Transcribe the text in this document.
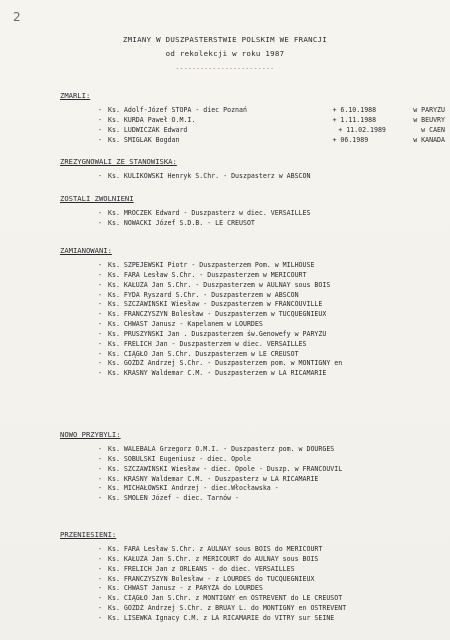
2
ZMIANY W DUSZPASTERSTWIE POLSKIM WE FRANCJI
od rekolekcji w roku 1987
------------------------
ZMARLI:
- Ks. Adolf-Józef STOPA - diec Poznań	+ 6.10.1988	w PARYŻU
- Ks. KURDA Paweł O.M.I.	+ 1.11.1988	w BEUVRY
- Ks. LUDWICZAK Edward	+ 11.02.1989	w CAEN
- Ks. ŚMIGLAK Bogdan	+ 06.1989	w KANADA
ZREZYGNOWALI ZE STANOWISKA:
- Ks. KULIKOWSKI Henryk S.Chr. - Duszpasterz w ABSCON
ZOSTALI ZWOLNIENI
- Ks. MROCZEK Edward - Duszpasterz w diec. VERSAILLES
- Ks. NOWACKI Józef S.D.B. - LE CREUSOT
ZAMIANOWANI:
- Ks. SZPEJEWSKI Piotr - Duszpasterzem Pom. w MILHOUSE
- Ks. FARA Lesław S.Chr. - Duszpasterzem w MERICOURT
- Ks. KAŁUŻA Jan S.Chr. - Duszpasterzem w AULNAY sous BOIS
- Ks. FYDA Ryszard S.Chr. - Duszpasterzem w ABSCON
- Ks. SZCZAWIŃSKI Wiesław - Duszpasterzem w FRANCOUVILLE
- Ks. FRANCZYSZYN Bolesław - Duszpasterzem w TUCQUEGNIEUX
- Ks. CHWAST Janusz - Kapelanem w LOURDES
- Ks. PRUSZYŃSKI Jan . Duszpasterzem św.Genowefy w PARYŻU
- Ks. FRELICH Jan - Duszpasterzem w diec. VERSAILLES
- Ks. CIĄGŁO Jan S.Chr. Duszpasterzem w LE CREUSOT
- Ks. GOŹDŹ Andrzej S.Chr. - Duszpasterzem pom. w MONTIGNY en
- Ks. KRASNY Waldemar C.M. - Duszpasterzem w LA RICAMARIE
NOWO PRZYBYLI:
- Ks. WALEBALA Grzegorz O.M.I. - Duszpasterz pom. w DOURGES
- Ks. SOBULSKI Eugeniusz - diec. Opole
- Ks. SZCZAWIŃSKI Wiesław - diec. Opole - Duszp. w FRANCOUVIL
- Ks. KRASNY Waldemar C.M. - Duszpasterz w LA RICAMARIE
- Ks. MICHAŁOWSKI Andrzej - diec.Włocławska -
- Ks. SMOLEŃ Józef - diec. Tarnów -
PRZENIESIENI:
- Ks. FARA Lesław S.Chr. z AULNAY sous BOIS do MERICOURT
- Ks. KAŁUŻA Jan S.Chr. z MERICOURT do AULNAY sous BOIS
- Ks. FRELICH Jan z ORLEANS - do diec. VERSAILLES
- Ks. FRANCZYSZYN Bolesław - z LOURDES do TUCQUEGNIEUX
- Ks. CHWAST Janusz - z PARYŻA do LOURDES
- Ks. CIĄGŁO Jan S.Chr. z MONTIGNY en OSTREVENT do LE CREUSOT
- Ks. GOŹDŹ Andrzej S.Chr. z BRUAY L. do MONTIGNY en OSTREVENT
- Ks. LISEWKA Ignacy C.M. z LA RICAMARIE do VITRY sur SEINE
